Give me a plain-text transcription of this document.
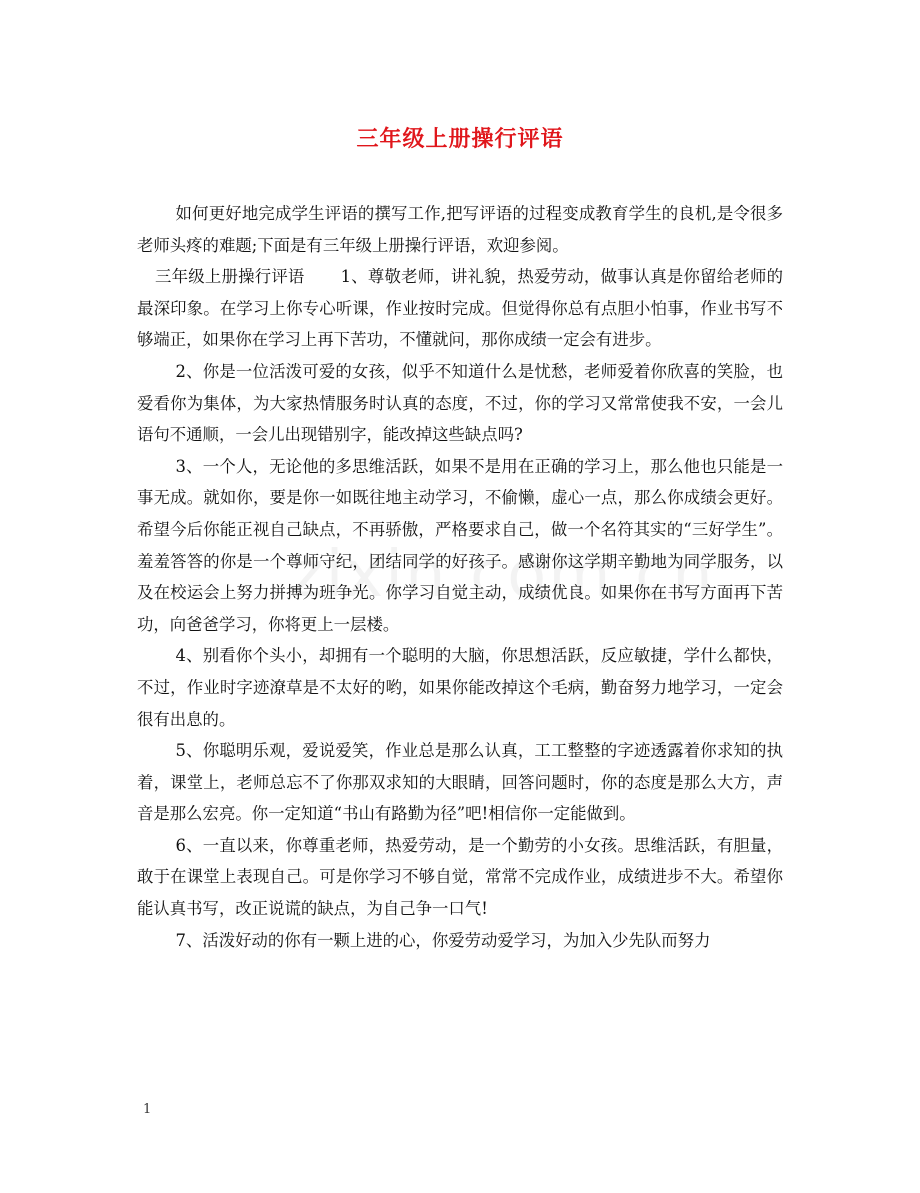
三年级上册操行评语

如何更好地完成学生评语的撰写工作,把写评语的过程变成教育学生的良机,是令很多老师头疼的难题;下面是有三年级上册操行评语，欢迎参阅。

三年级上册操行评语 1、尊敬老师，讲礼貌，热爱劳动，做事认真是你留给老师的最深印象。在学习上你专心听课，作业按时完成。但觉得你总有点胆小怕事，作业书写不够端正，如果你在学习上再下苦功，不懂就问，那你成绩一定会有进步。

2、你是一位活泼可爱的女孩，似乎不知道什么是忧愁，老师爱着你欣喜的笑脸，也爱看你为集体，为大家热情服务时认真的态度，不过，你的学习又常常使我不安，一会儿语句不通顺，一会儿出现错别字，能改掉这些缺点吗?

3、一个人，无论他的多思维活跃，如果不是用在正确的学习上，那么他也只能是一事无成。就如你，要是你一如既往地主动学习，不偷懒，虚心一点，那么你成绩会更好。希望今后你能正视自己缺点，不再骄傲，严格要求自己，做一个名符其实的“三好学生”。羞羞答答的你是一个尊师守纪，团结同学的好孩子。感谢你这学期辛勤地为同学服务，以及在校运会上努力拼搏为班争光。你学习自觉主动，成绩优良。如果你在书写方面再下苦功，向爸爸学习，你将更上一层楼。

4、别看你个头小，却拥有一个聪明的大脑，你思想活跃，反应敏捷，学什么都快，不过，作业时字迹潦草是不太好的哟，如果你能改掉这个毛病，勤奋努力地学习，一定会很有出息的。

5、你聪明乐观，爱说爱笑，作业总是那么认真，工工整整的字迹透露着你求知的执着，课堂上，老师总忘不了你那双求知的大眼睛，回答问题时，你的态度是那么大方，声音是那么宏亮。你一定知道“书山有路勤为径”吧!相信你一定能做到。

6、一直以来，你尊重老师，热爱劳动，是一个勤劳的小女孩。思维活跃，有胆量，敢于在课堂上表现自己。可是你学习不够自觉，常常不完成作业，成绩进步不大。希望你能认真书写，改正说谎的缺点，为自己争一口气!

7、活泼好动的你有一颗上进的心，你爱劳动爱学习，为加入少先队而努力

1
